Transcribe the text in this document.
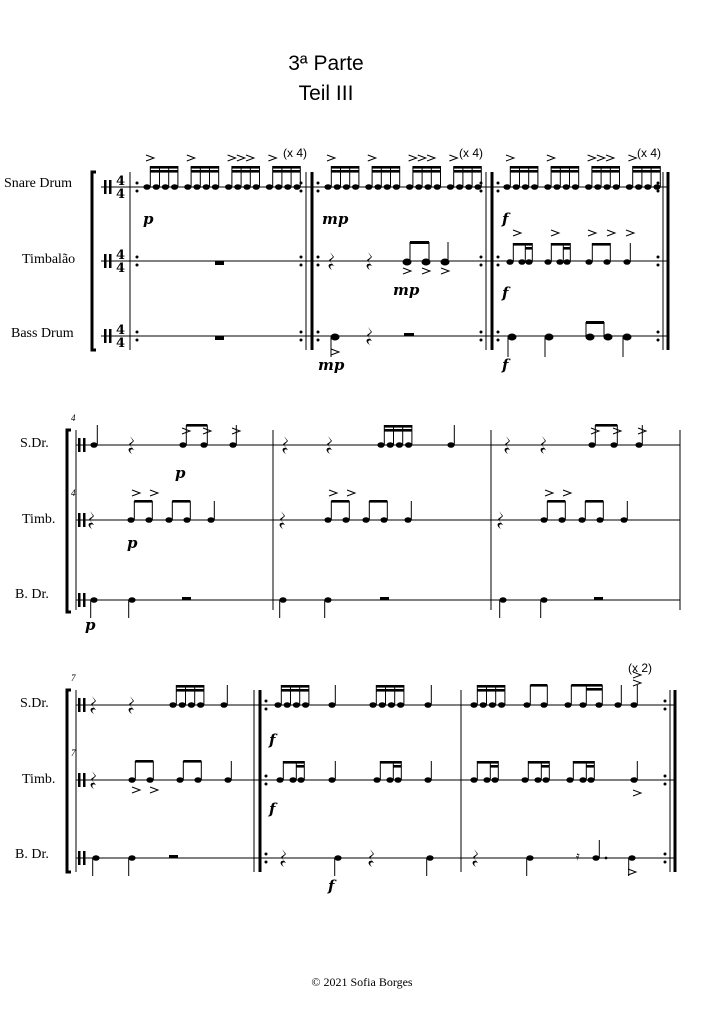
3ª Parte
Teil III
Snare Drum
Timbalão
Bass Drum
(x 4)	(x 4)	(x 4)
S.Dr.
Timb.
B. Dr.
4
4
S.Dr.
Timb.
B. Dr.
7
7
(x 2)
© 2021 Sofia Borges
4
4
4
4
4
4
p	mp	f
mp	f
mp	f
p
p
p
𝄿
f
f
f
